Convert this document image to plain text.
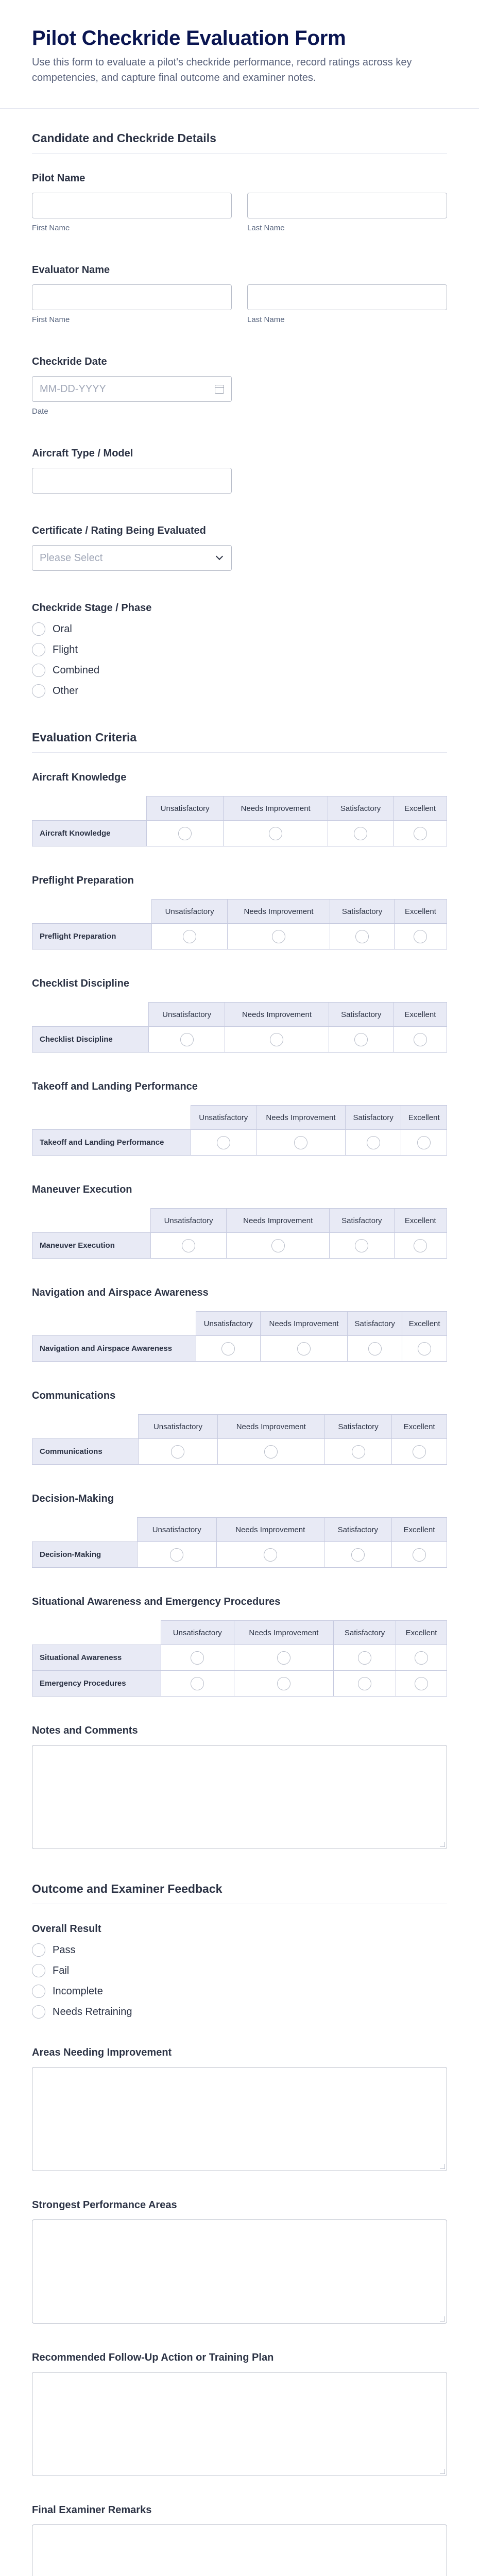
Pilot Checkride Evaluation Form

Use this form to evaluate a pilot's checkride performance, record ratings across key competencies, and capture final outcome and examiner notes.

Candidate and Checkride Details
Pilot Name
First Name	Last Name
Evaluator Name
First Name	Last Name
Checkride Date
MM-DD-YYYY
Date
Aircraft Type / Model
Certificate / Rating Being Evaluated
Please Select
Checkride Stage / Phase
Oral
Flight
Combined
Other
Evaluation Criteria
Aircraft Knowledge
	Unsatisfactory	Needs Improvement	Satisfactory	Excellent
Aircraft Knowledge				
Preflight Preparation
	Unsatisfactory	Needs Improvement	Satisfactory	Excellent
Preflight Preparation				
Checklist Discipline
	Unsatisfactory	Needs Improvement	Satisfactory	Excellent
Checklist Discipline				
Takeoff and Landing Performance
	Unsatisfactory	Needs Improvement	Satisfactory	Excellent
Takeoff and Landing Performance				
Maneuver Execution
	Unsatisfactory	Needs Improvement	Satisfactory	Excellent
Maneuver Execution				
Navigation and Airspace Awareness
	Unsatisfactory	Needs Improvement	Satisfactory	Excellent
Navigation and Airspace Awareness				
Communications
	Unsatisfactory	Needs Improvement	Satisfactory	Excellent
Communications				
Decision-Making
	Unsatisfactory	Needs Improvement	Satisfactory	Excellent
Decision-Making				
Situational Awareness and Emergency Procedures
	Unsatisfactory	Needs Improvement	Satisfactory	Excellent
Situational Awareness				
Emergency Procedures				
Notes and Comments
Outcome and Examiner Feedback
Overall Result
Pass
Fail
Incomplete
Needs Retraining
Areas Needing Improvement
Strongest Performance Areas
Recommended Follow-Up Action or Training Plan
Final Examiner Remarks
